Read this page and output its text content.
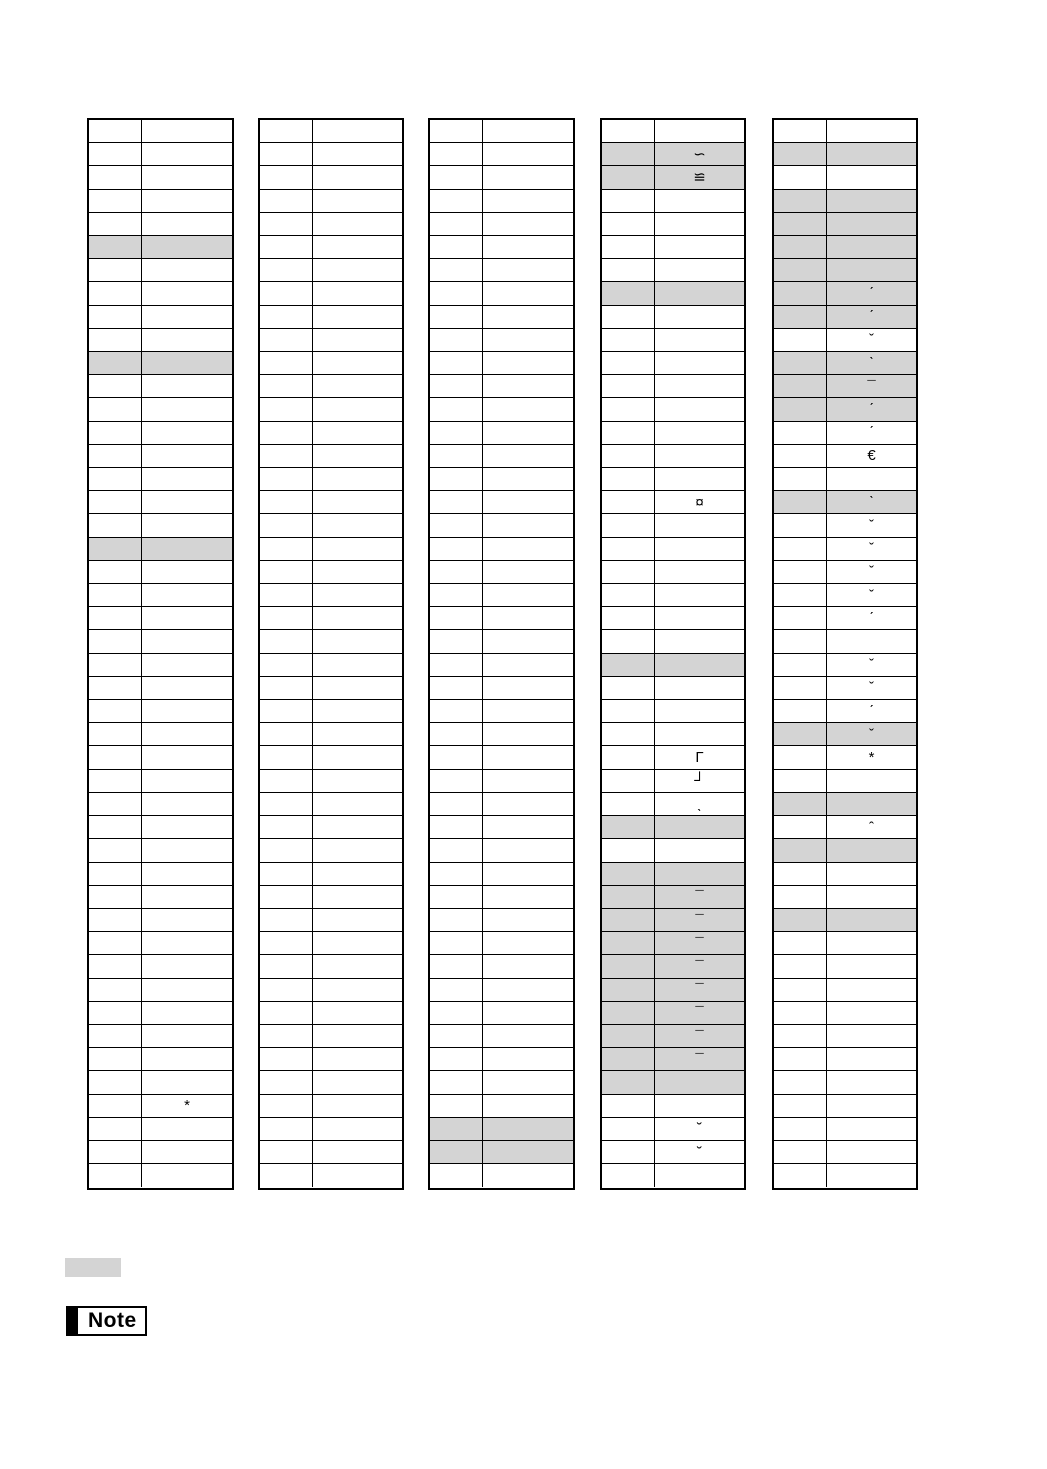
*
∽
≌
¤
Γ
┘
ˎ
¯
¯
¯
¯
¯
¯
¯
¯
˘
˘
ˊ
ˊ
ˇ
ˋ
¯
ˊ
ˊ
€
ˋ
ˇ
ˇ
ˇ
ˇ
ˊ
ˇ
ˇ
ˊ
ˇ
*
ˆ
Note
